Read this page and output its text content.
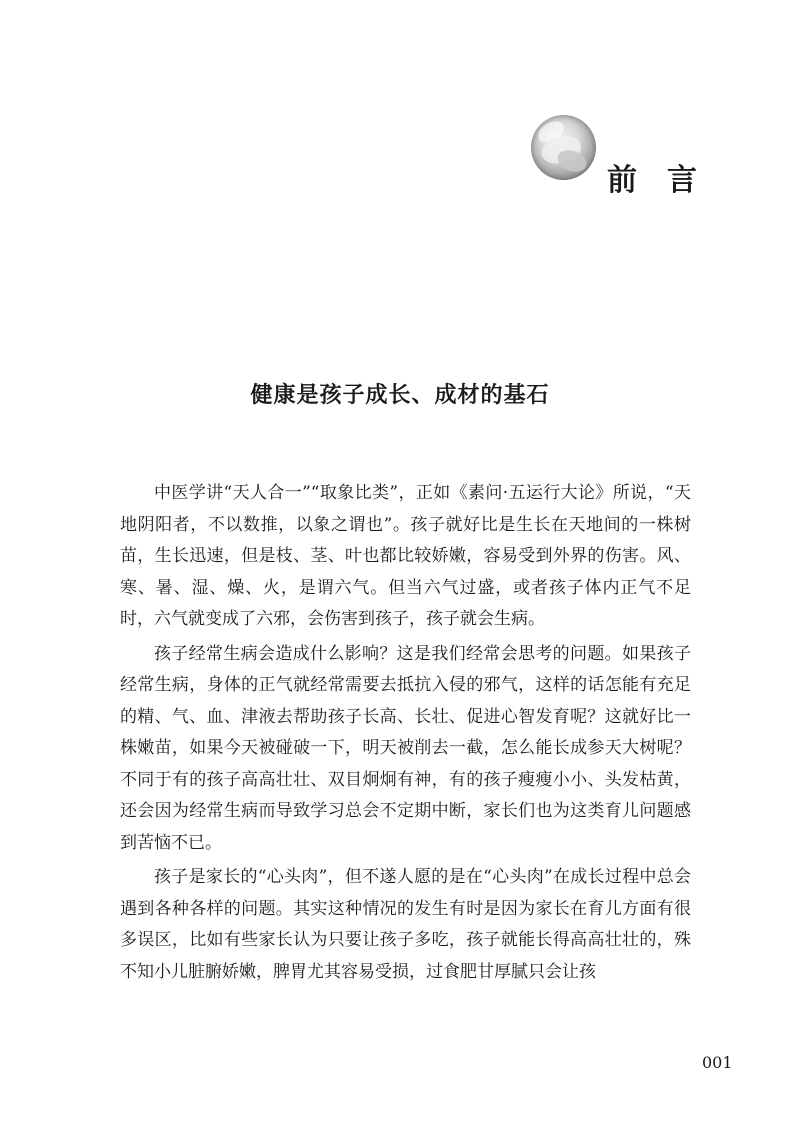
前言
健康是孩子成长、成材的基石

中医学讲“天人合一”“取象比类”，正如《素问·五运行大论》所说，“天地阴阳者，不以数推，以象之谓也”。孩子就好比是生长在天地间的一株树苗，生长迅速，但是枝、茎、叶也都比较娇嫩，容易受到外界的伤害。风、寒、暑、湿、燥、火，是谓六气。但当六气过盛，或者孩子体内正气不足时，六气就变成了六邪，会伤害到孩子，孩子就会生病。

孩子经常生病会造成什么影响？这是我们经常会思考的问题。如果孩子经常生病，身体的正气就经常需要去抵抗入侵的邪气，这样的话怎能有充足的精、气、血、津液去帮助孩子长高、长壮、促进心智发育呢？这就好比一株嫩苗，如果今天被碰破一下，明天被削去一截，怎么能长成参天大树呢？不同于有的孩子高高壮壮、双目炯炯有神，有的孩子瘦瘦小小、头发枯黄，还会因为经常生病而导致学习总会不定期中断，家长们也为这类育儿问题感到苦恼不已。

孩子是家长的“心头肉”，但不遂人愿的是在“心头肉”在成长过程中总会遇到各种各样的问题。其实这种情况的发生有时是因为家长在育儿方面有很多误区，比如有些家长认为只要让孩子多吃，孩子就能长得高高壮壮的，殊不知小儿脏腑娇嫩，脾胃尤其容易受损，过食肥甘厚腻只会让孩

001
